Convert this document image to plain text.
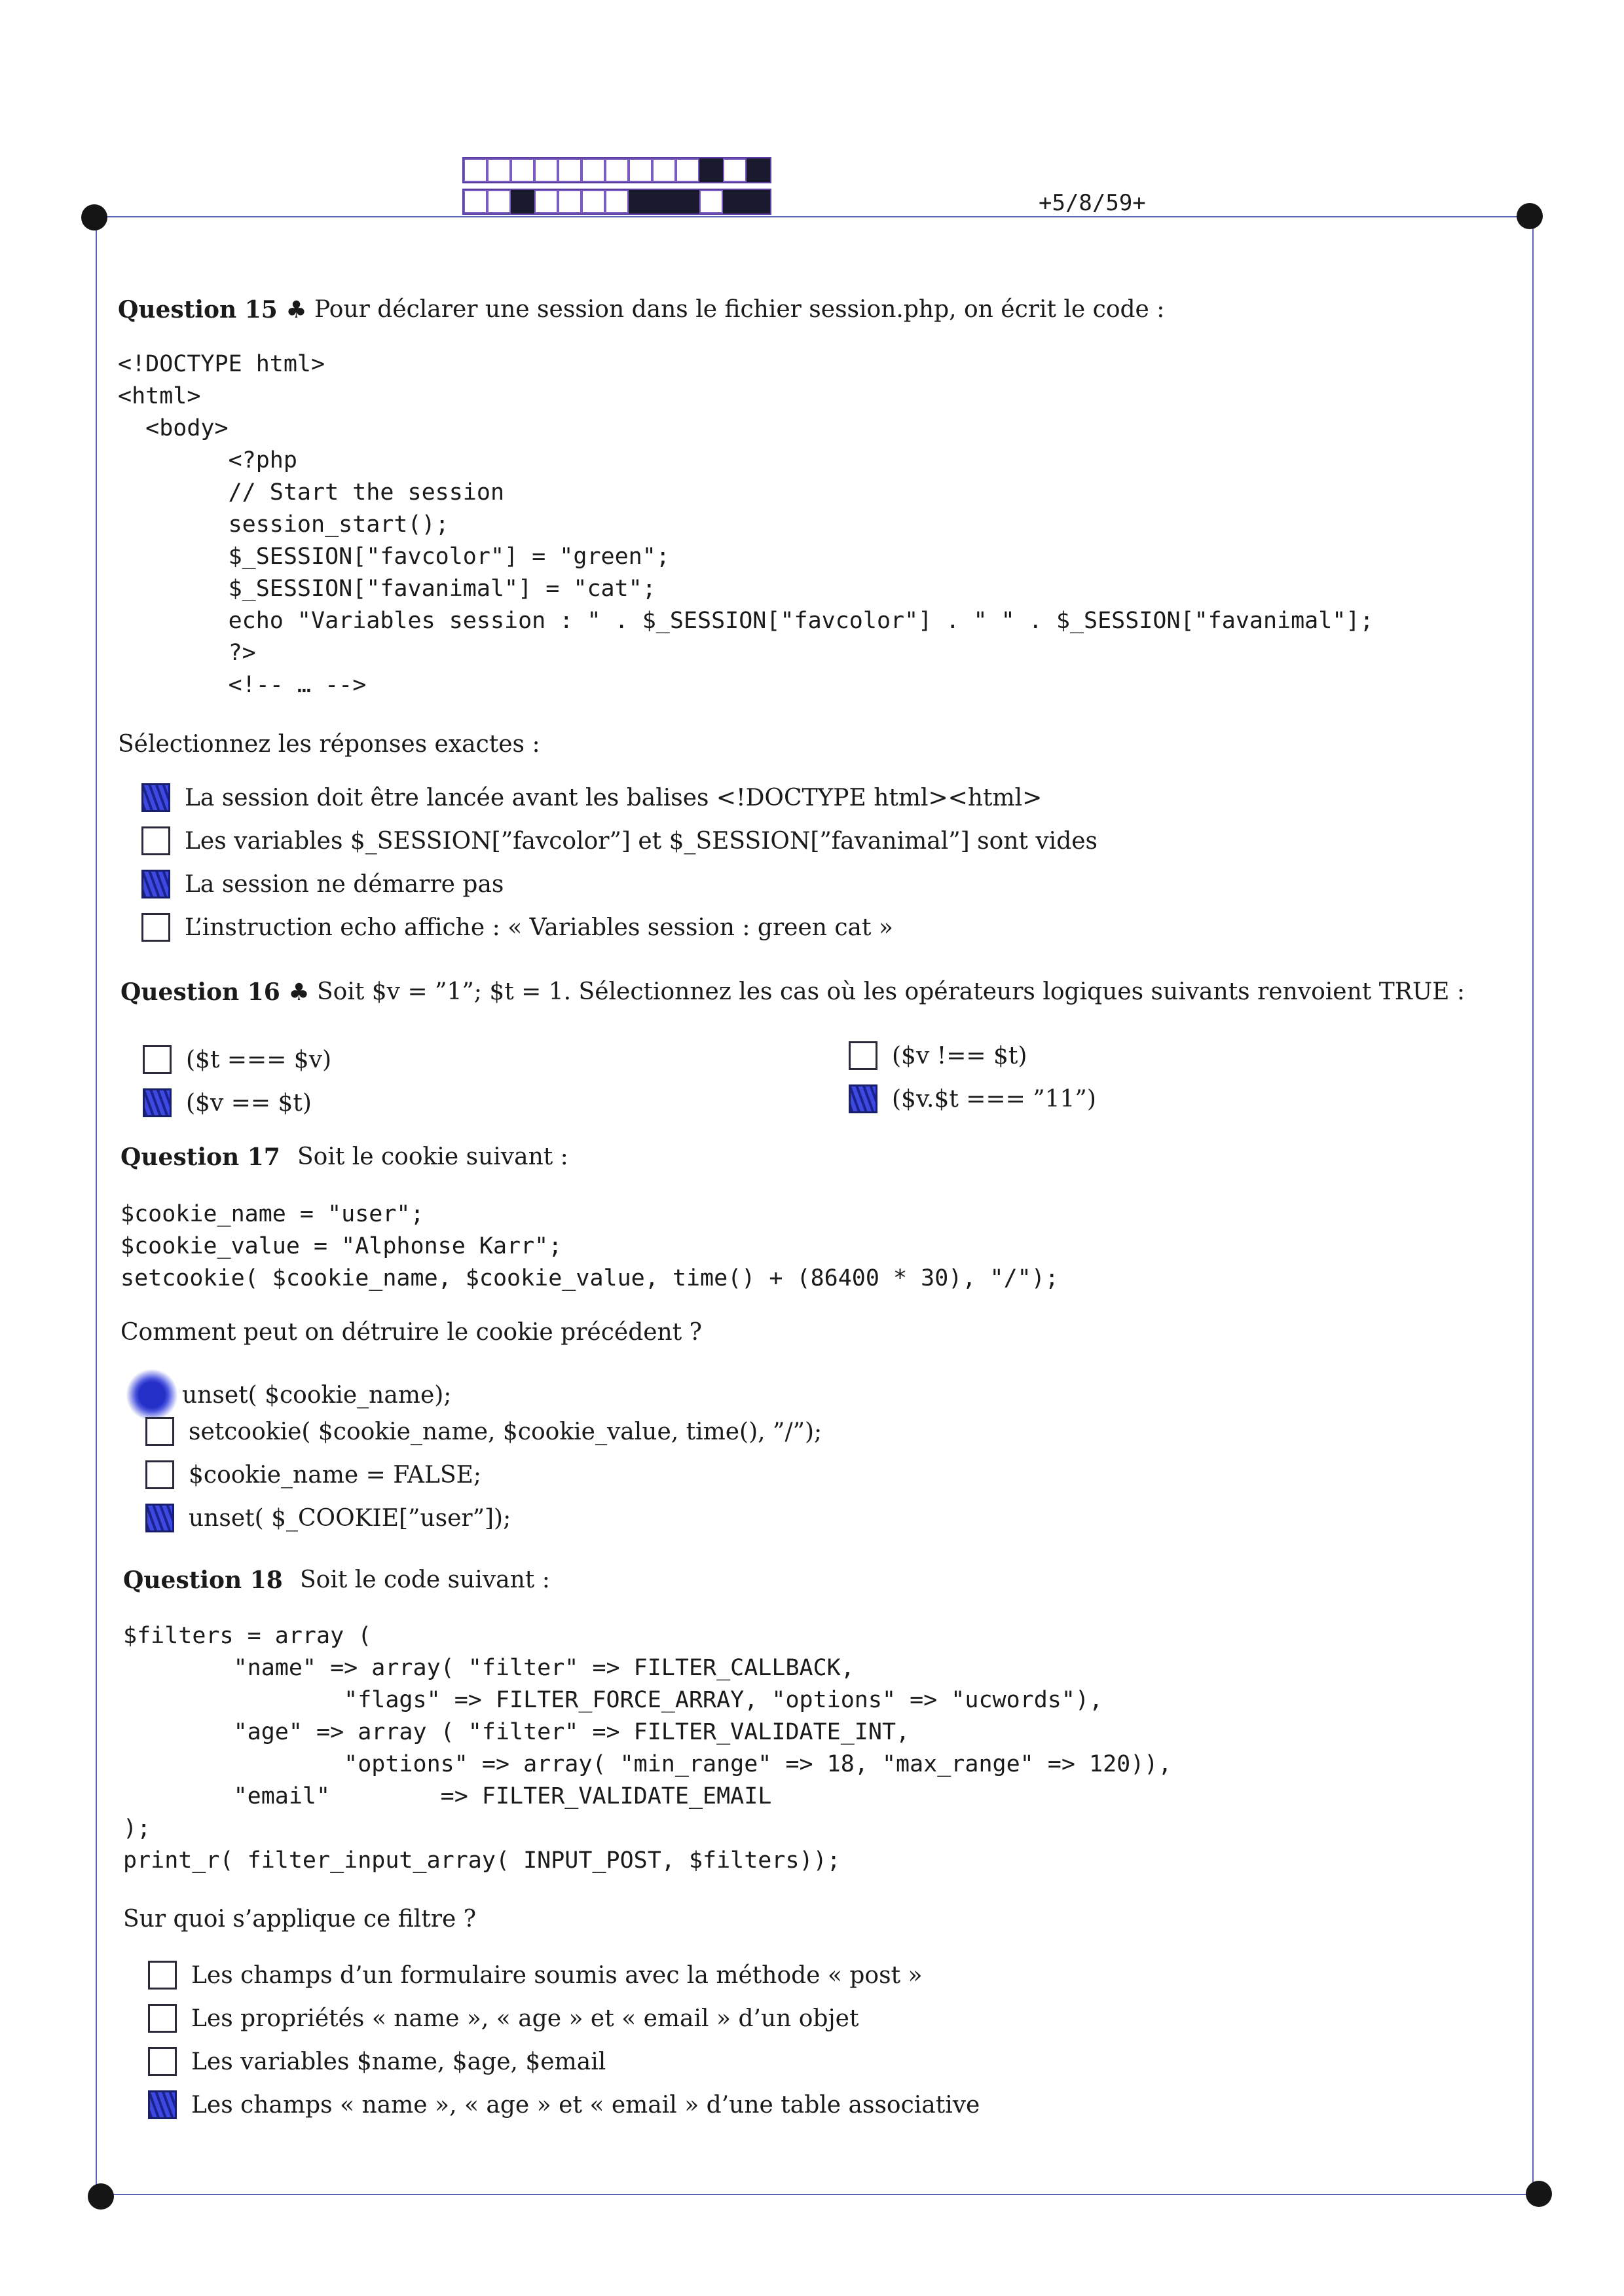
+5/8/59+
Question 15 ♣ Pour déclarer une session dans le fichier session.php, on écrit le code :
<!DOCTYPE html>
<html>
<body>
<?php
// Start the session
session_start();
$_SESSION["favcolor"] = "green";
$_SESSION["favanimal"] = "cat";
echo "Variables session : " . $_SESSION["favcolor"] . " " . $_SESSION["favanimal"];
?>
<!-- … -->
Sélectionnez les réponses exactes :
La session doit être lancée avant les balises <!DOCTYPE html><html>
Les variables $_SESSION[”favcolor”] et $_SESSION[”favanimal”] sont vides
La session ne démarre pas
L’instruction echo affiche : « Variables session : green cat »
Question 16 ♣ Soit $v = ”1”; $t = 1. Sélectionnez les cas où les opérateurs logiques suivants renvoient TRUE :
($t === $v)	($v !== $t)
($v == $t)	($v.$t === ”11”)
Question 17 Soit le cookie suivant :
$cookie_name = "user";
$cookie_value = "Alphonse Karr";
setcookie( $cookie_name, $cookie_value, time() + (86400 * 30), "/");
Comment peut on détruire le cookie précédent ?
unset( $cookie_name);
setcookie( $cookie_name, $cookie_value, time(), ”/”);
$cookie_name = FALSE;
unset( $_COOKIE[”user”]);
Question 18 Soit le code suivant :
$filters = array (
"name" => array( "filter" => FILTER_CALLBACK,
"flags" => FILTER_FORCE_ARRAY, "options" => "ucwords"),
"age" => array ( "filter" => FILTER_VALIDATE_INT,
"options" => array( "min_range" => 18, "max_range" => 120)),
"email"        => FILTER_VALIDATE_EMAIL
);
print_r( filter_input_array( INPUT_POST, $filters));
Sur quoi s’applique ce filtre ?
Les champs d’un formulaire soumis avec la méthode « post »
Les propriétés « name », « age » et « email » d’un objet
Les variables $name, $age, $email
Les champs « name », « age » et « email » d’une table associative
